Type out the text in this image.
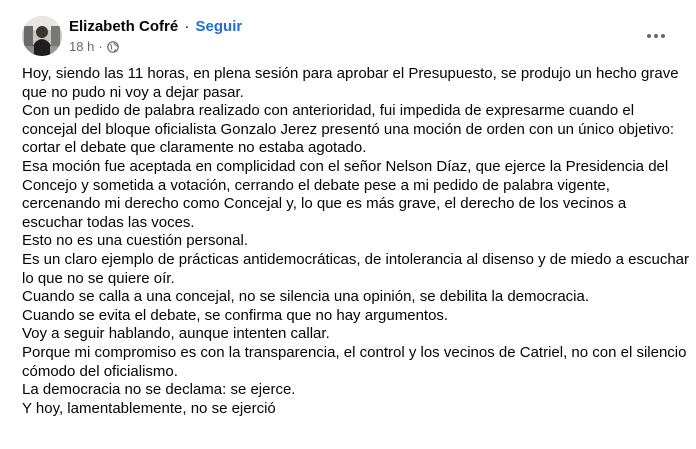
Elizabeth Cofré · Seguir
18 h ·

Hoy, siendo las 11 horas, en plena sesión para aprobar el Presupuesto, se produjo un hecho grave que no pudo ni voy a dejar pasar.

Con un pedido de palabra realizado con anterioridad, fui impedida de expresarme cuando el concejal del bloque oficialista Gonzalo Jerez presentó una moción de orden con un único objetivo: cortar el debate que claramente no estaba agotado.

Esa moción fue aceptada en complicidad con el señor Nelson Díaz, que ejerce la Presidencia del Concejo y sometida a votación, cerrando el debate pese a mi pedido de palabra vigente, cercenando mi derecho como Concejal y, lo que es más grave, el derecho de los vecinos a escuchar todas las voces.

Esto no es una cuestión personal.

Es un claro ejemplo de prácticas antidemocráticas, de intolerancia al disenso y de miedo a escuchar lo que no se quiere oír.

Cuando se calla a una concejal, no se silencia una opinión, se debilita la democracia.

Cuando se evita el debate, se confirma que no hay argumentos.

Voy a seguir hablando, aunque intenten callar.

Porque mi compromiso es con la transparencia, el control y los vecinos de Catriel, no con el silencio cómodo del oficialismo.

La democracia no se declama: se ejerce.

Y hoy, lamentablemente, no se ejerció
